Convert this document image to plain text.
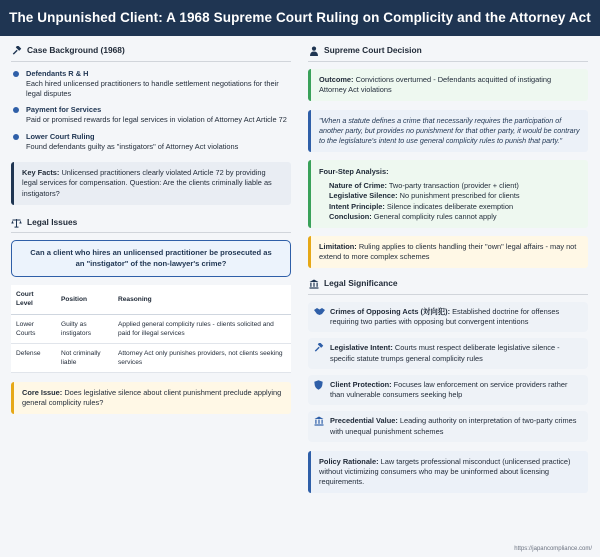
The Unpunished Client: A 1968 Supreme Court Ruling on Complicity and the Attorney Act
Case Background (1968)
Defendants R & H
Each hired unlicensed practitioners to handle settlement negotiations for their legal disputes
Payment for Services
Paid or promised rewards for legal services in violation of Attorney Act Article 72
Lower Court Ruling
Found defendants guilty as "instigators" of Attorney Act violations
Key Facts: Unlicensed practitioners clearly violated Article 72 by providing legal services for compensation. Question: Are the clients criminally liable as instigators?
Legal Issues
Can a client who hires an unlicensed practitioner be prosecuted as an "instigator" of the non-lawyer's crime?
Court Level	Position	Reasoning
Lower Courts	Guilty as instigators	Applied general complicity rules - clients solicited and paid for illegal services
Defense	Not criminally liable	Attorney Act only punishes providers, not clients seeking services
Core Issue: Does legislative silence about client punishment preclude applying general complicity rules?
Supreme Court Decision
Outcome: Convictions overturned - Defendants acquitted of instigating Attorney Act violations
"When a statute defines a crime that necessarily requires the participation of another party, but provides no punishment for that other party, it would be contrary to the legislature's intent to use general complicity rules to punish that party."
Four-Step Analysis:
Nature of Crime: Two-party transaction (provider + client)
Legislative Silence: No punishment prescribed for clients
Intent Principle: Silence indicates deliberate exemption
Conclusion: General complicity rules cannot apply
Limitation: Ruling applies to clients handling their "own" legal affairs - may not extend to more complex schemes
Legal Significance
Crimes of Opposing Acts (対向犯): Established doctrine for offenses requiring two parties with opposing but convergent intentions
Legislative Intent: Courts must respect deliberate legislative silence - specific statute trumps general complicity rules
Client Protection: Focuses law enforcement on service providers rather than vulnerable consumers seeking help
Precedential Value: Leading authority on interpretation of two-party crimes with unequal punishment schemes
Policy Rationale: Law targets professional misconduct (unlicensed practice) without victimizing consumers who may be uninformed about licensing requirements.
https://japancompliance.com/
